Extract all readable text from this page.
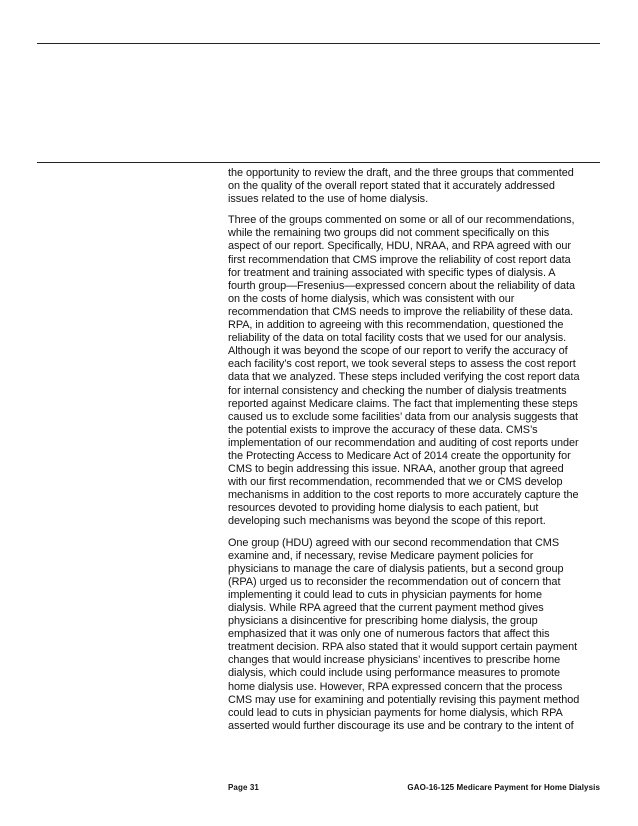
the opportunity to review the draft, and the three groups that commented
on the quality of the overall report stated that it accurately addressed
issues related to the use of home dialysis.

Three of the groups commented on some or all of our recommendations,
while the remaining two groups did not comment specifically on this
aspect of our report. Specifically, HDU, NRAA, and RPA agreed with our
first recommendation that CMS improve the reliability of cost report data
for treatment and training associated with specific types of dialysis. A
fourth group—Fresenius—expressed concern about the reliability of data
on the costs of home dialysis, which was consistent with our
recommendation that CMS needs to improve the reliability of these data.
RPA, in addition to agreeing with this recommendation, questioned the
reliability of the data on total facility costs that we used for our analysis.
Although it was beyond the scope of our report to verify the accuracy of
each facility’s cost report, we took several steps to assess the cost report
data that we analyzed. These steps included verifying the cost report data
for internal consistency and checking the number of dialysis treatments
reported against Medicare claims. The fact that implementing these steps
caused us to exclude some facilities’ data from our analysis suggests that
the potential exists to improve the accuracy of these data. CMS’s
implementation of our recommendation and auditing of cost reports under
the Protecting Access to Medicare Act of 2014 create the opportunity for
CMS to begin addressing this issue. NRAA, another group that agreed
with our first recommendation, recommended that we or CMS develop
mechanisms in addition to the cost reports to more accurately capture the
resources devoted to providing home dialysis to each patient, but
developing such mechanisms was beyond the scope of this report.

One group (HDU) agreed with our second recommendation that CMS
examine and, if necessary, revise Medicare payment policies for
physicians to manage the care of dialysis patients, but a second group
(RPA) urged us to reconsider the recommendation out of concern that
implementing it could lead to cuts in physician payments for home
dialysis. While RPA agreed that the current payment method gives
physicians a disincentive for prescribing home dialysis, the group
emphasized that it was only one of numerous factors that affect this
treatment decision. RPA also stated that it would support certain payment
changes that would increase physicians’ incentives to prescribe home
dialysis, which could include using performance measures to promote
home dialysis use. However, RPA expressed concern that the process
CMS may use for examining and potentially revising this payment method
could lead to cuts in physician payments for home dialysis, which RPA
asserted would further discourage its use and be contrary to the intent of

Page 31	GAO-16-125 Medicare Payment for Home Dialysis
